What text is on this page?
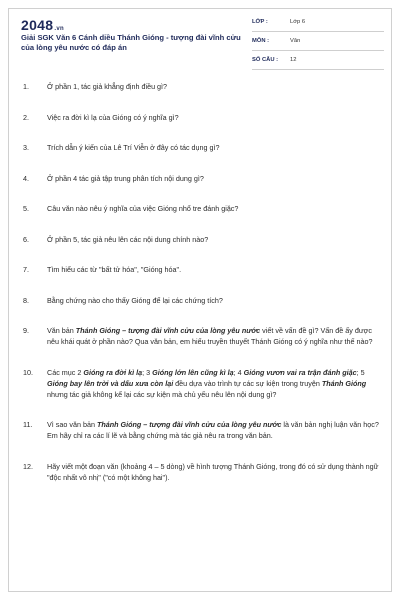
2048.vn
Giải SGK Văn 6 Cánh diều Thánh Gióng - tượng đài vĩnh cửu của lòng yêu nước có đáp án
LỚP :	Lớp 6
MÔN :	Văn
SỐ CÂU : 12
1.	Ở phần 1, tác giả khẳng định điều gì?
2.	Việc ra đời kì lạ của Gióng có ý nghĩa gì?
3.	Trích dẫn ý kiến của Lê Trí Viễn ở đây có tác dụng gì?
4.	Ở phần 4 tác giả tập trung phân tích nội dung gì?
5.	Câu văn nào nêu ý nghĩa của việc Gióng nhổ tre đánh giặc?
6.	Ở phần 5, tác giả nêu lên các nội dung chính nào?
7.	Tìm hiểu các từ "bất tử hóa", "Gióng hóa".
8.	Bằng chứng nào cho thấy Gióng để lại các chứng tích?
9.	Văn bản Thánh Gióng – tượng đài vĩnh cửu của lòng yêu nước viết về vấn đề gì? Vấn đề ấy được nêu khái quát ở phần nào? Qua văn bản, em hiểu truyền thuyết Thánh Gióng có ý nghĩa như thế nào?
10.	Các mục 2 Gióng ra đời kì lạ; 3 Gióng lớn lên cũng kì lạ; 4 Gióng vươn vai ra trận đánh giặc; 5 Gióng bay lên trời và dấu xưa còn lại đều dựa vào trình tự các sự kiện trong truyện Thánh Gióng nhưng tác giả không kể lại các sự kiện mà chủ yếu nêu lên nội dung gì?
11.	Vì sao văn bản Thánh Gióng – tượng đài vĩnh cửu của lòng yêu nước là văn bản nghị luận văn học? Em hãy chỉ ra các lí lẽ và bằng chứng mà tác giả nêu ra trong văn bản.
12.	Hãy viết một đoạn văn (khoảng 4 – 5 dòng) về hình tượng Thánh Gióng, trong đó có sử dụng thành ngữ "độc nhất vô nhị" ("có một không hai").
